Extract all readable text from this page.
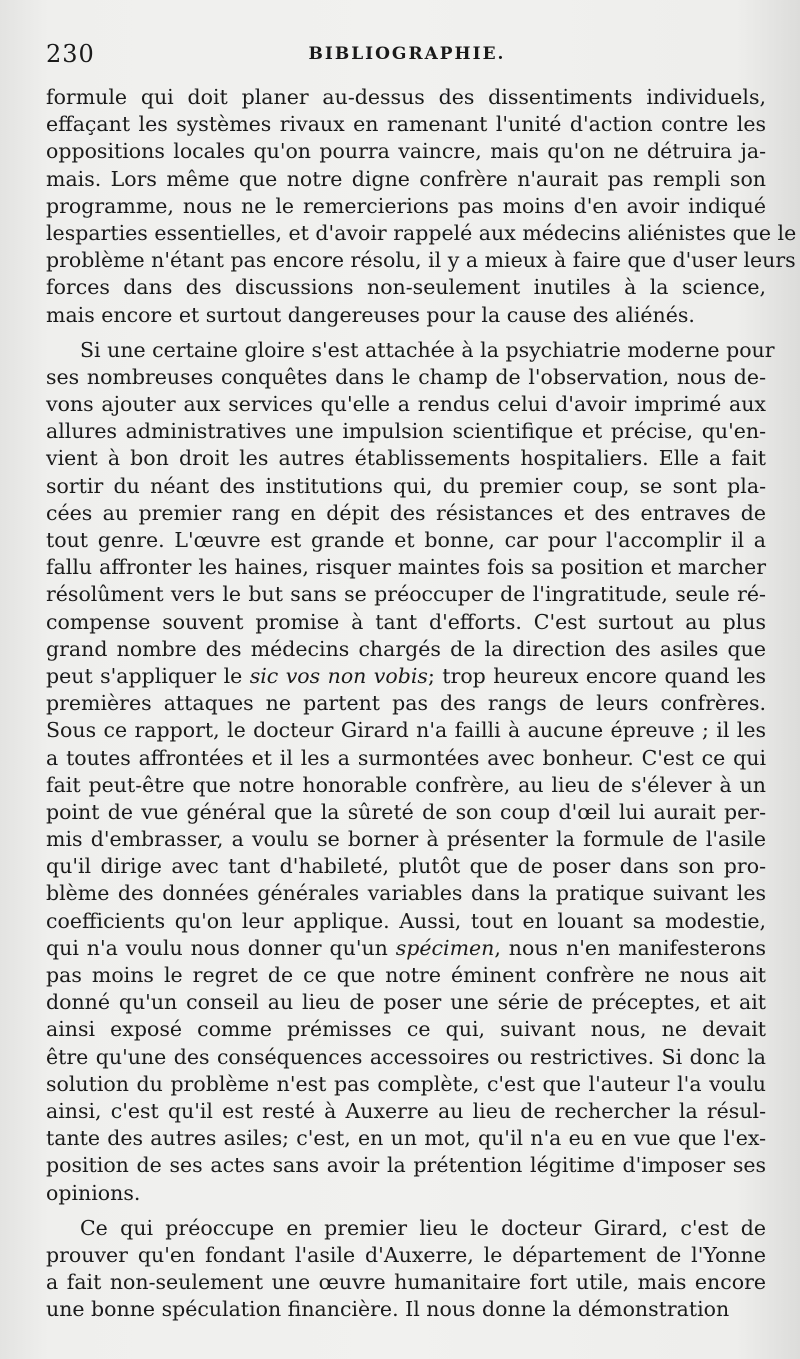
230	BIBLIOGRAPHIE.
formule qui doit planer au-dessus des dissentiments individuels,
effaçant les systèmes rivaux en ramenant l'unité d'action contre les
oppositions locales qu'on pourra vaincre, mais qu'on ne détruira ja-
mais. Lors même que notre digne confrère n'aurait pas rempli son
programme, nous ne le remercierions pas moins d'en avoir indiqué
lesparties essentielles, et d'avoir rappelé aux médecins aliénistes que le
problème n'étant pas encore résolu, il y a mieux à faire que d'user leurs
forces dans des discussions non-seulement inutiles à la science,
mais encore et surtout dangereuses pour la cause des aliénés.
Si une certaine gloire s'est attachée à la psychiatrie moderne pour
ses nombreuses conquêtes dans le champ de l'observation, nous de-
vons ajouter aux services qu'elle a rendus celui d'avoir imprimé aux
allures administratives une impulsion scientifique et précise, qu'en-
vient à bon droit les autres établissements hospitaliers. Elle a fait
sortir du néant des institutions qui, du premier coup, se sont pla-
cées au premier rang en dépit des résistances et des entraves de
tout genre. L'œuvre est grande et bonne, car pour l'accomplir il a
fallu affronter les haines, risquer maintes fois sa position et marcher
résolûment vers le but sans se préoccuper de l'ingratitude, seule ré-
compense souvent promise à tant d'efforts. C'est surtout au plus
grand nombre des médecins chargés de la direction des asiles que
peut s'appliquer le sic vos non vobis; trop heureux encore quand les
premières attaques ne partent pas des rangs de leurs confrères.
Sous ce rapport, le docteur Girard n'a failli à aucune épreuve ; il les
a toutes affrontées et il les a surmontées avec bonheur. C'est ce qui
fait peut-être que notre honorable confrère, au lieu de s'élever à un
point de vue général que la sûreté de son coup d'œil lui aurait per-
mis d'embrasser, a voulu se borner à présenter la formule de l'asile
qu'il dirige avec tant d'habileté, plutôt que de poser dans son pro-
blème des données générales variables dans la pratique suivant les
coefficients qu'on leur applique. Aussi, tout en louant sa modestie,
qui n'a voulu nous donner qu'un spécimen, nous n'en manifesterons
pas moins le regret de ce que notre éminent confrère ne nous ait
donné qu'un conseil au lieu de poser une série de préceptes, et ait
ainsi exposé comme prémisses ce qui, suivant nous, ne devait
être qu'une des conséquences accessoires ou restrictives. Si donc la
solution du problème n'est pas complète, c'est que l'auteur l'a voulu
ainsi, c'est qu'il est resté à Auxerre au lieu de rechercher la résul-
tante des autres asiles; c'est, en un mot, qu'il n'a eu en vue que l'ex-
position de ses actes sans avoir la prétention légitime d'imposer ses
opinions.
Ce qui préoccupe en premier lieu le docteur Girard, c'est de
prouver qu'en fondant l'asile d'Auxerre, le département de l'Yonne
a fait non-seulement une œuvre humanitaire fort utile, mais encore
une bonne spéculation financière. Il nous donne la démonstration
